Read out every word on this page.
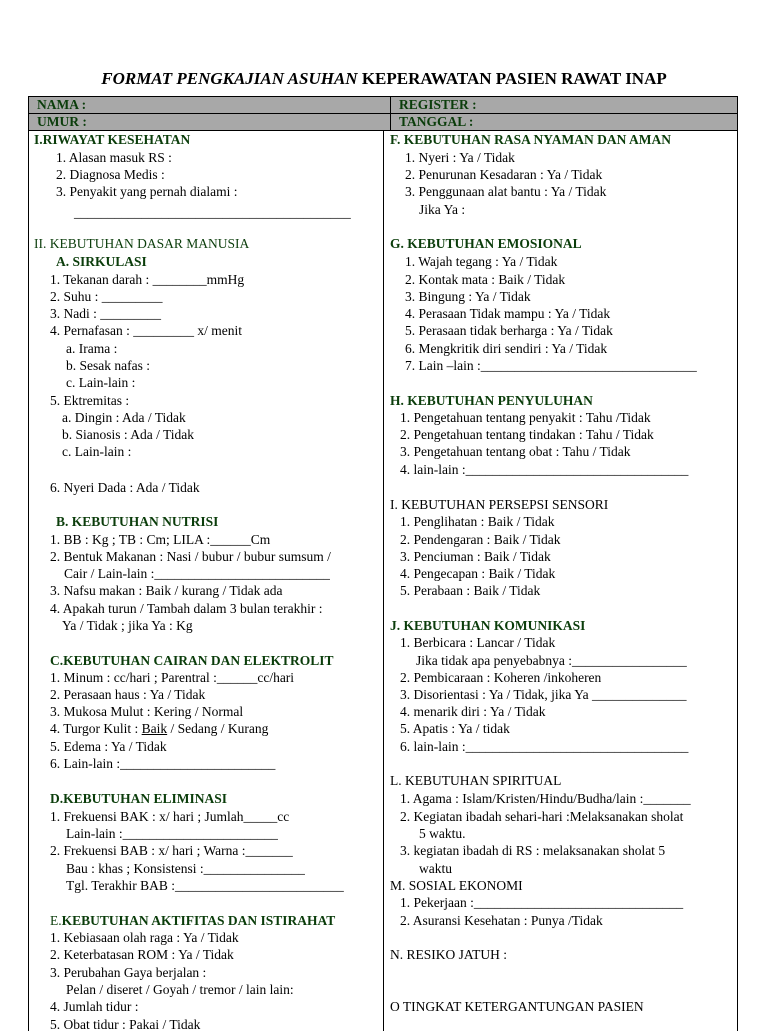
FORMAT PENGKAJIAN ASUHAN KEPERAWATAN PASIEN RAWAT INAP
NAMA :	REGISTER :
UMUR :	TANGGAL :
I.RIWAYAT KESEHATAN
1. Alasan masuk RS :
2. Diagnosa Medis :
3. Penyakit yang pernah dialami :
_________________________________________
II. KEBUTUHAN DASAR MANUSIA
A. SIRKULASI
1. Tekanan darah : ________mmHg
2. Suhu : _________
3. Nadi : _________
4. Pernafasan : _________ x/ menit
a. Irama :
b. Sesak nafas :
c. Lain-lain :
5. Ektremitas :
a. Dingin : Ada / Tidak
b. Sianosis : Ada / Tidak
c. Lain-lain :
6. Nyeri Dada : Ada / Tidak
B. KEBUTUHAN NUTRISI
1. BB : Kg ; TB : Cm; LILA :______Cm
2. Bentuk Makanan : Nasi / bubur / bubur sumsum /
Cair / Lain-lain :__________________________
3. Nafsu makan : Baik / kurang / Tidak ada
4. Apakah turun / Tambah dalam 3 bulan terakhir :
Ya / Tidak ; jika Ya : Kg
C.KEBUTUHAN CAIRAN DAN ELEKTROLIT
1. Minum : cc/hari ; Parentral :______cc/hari
2. Perasaan haus : Ya / Tidak
3. Mukosa Mulut : Kering / Normal
4. Turgor Kulit : Baik / Sedang / Kurang
5. Edema : Ya / Tidak
6. Lain-lain :_______________________
D.KEBUTUHAN ELIMINASI
1. Frekuensi BAK : x/ hari ; Jumlah_____cc
Lain-lain :_______________________
2. Frekuensi BAB : x/ hari ; Warna :_______
Bau : khas ; Konsistensi :_______________
Tgl. Terakhir BAB :_________________________
E.KEBUTUHAN AKTIFITAS DAN ISTIRAHAT
1. Kebiasaan olah raga : Ya / Tidak
2. Keterbatasan ROM : Ya / Tidak
3. Perubahan Gaya berjalan :
Pelan / diseret / Goyah / tremor / lain lain:
4. Jumlah tidur :
5. Obat tidur : Pakai / Tidak
F. KEBUTUHAN RASA NYAMAN DAN AMAN
1. Nyeri : Ya / Tidak
2. Penurunan Kesadaran : Ya / Tidak
3. Penggunaan alat bantu : Ya / Tidak
Jika Ya :
G. KEBUTUHAN EMOSIONAL
1. Wajah tegang : Ya / Tidak
2. Kontak mata : Baik / Tidak
3. Bingung : Ya / Tidak
4. Perasaan Tidak mampu : Ya / Tidak
5. Perasaan tidak berharga : Ya / Tidak
6. Mengkritik diri sendiri : Ya / Tidak
7. Lain –lain :________________________________
H. KEBUTUHAN PENYULUHAN
1. Pengetahuan tentang penyakit : Tahu /Tidak
2. Pengetahuan tentang tindakan : Tahu / Tidak
3. Pengetahuan tentang obat : Tahu / Tidak
4. lain-lain :_________________________________
I. KEBUTUHAN PERSEPSI SENSORI
1. Penglihatan : Baik / Tidak
2. Pendengaran : Baik / Tidak
3. Penciuman : Baik / Tidak
4. Pengecapan : Baik / Tidak
5. Perabaan : Baik / Tidak
J. KEBUTUHAN KOMUNIKASI
1. Berbicara : Lancar / Tidak
Jika tidak apa penyebabnya :_________________
2. Pembicaraan : Koheren /inkoheren
3. Disorientasi : Ya / Tidak, jika Ya ______________
4. menarik diri : Ya / Tidak
5. Apatis : Ya / tidak
6. lain-lain :_________________________________
L. KEBUTUHAN SPIRITUAL
1. Agama : Islam/Kristen/Hindu/Budha/lain :_______
2. Kegiatan ibadah sehari-hari :Melaksanakan sholat
5 waktu.
3. kegiatan ibadah di RS : melaksanakan sholat 5
waktu
M. SOSIAL EKONOMI
1. Pekerjaan :_______________________________
2. Asuransi Kesehatan : Punya /Tidak
N. RESIKO JATUH :
O TINGKAT KETERGANTUNGAN PASIEN
